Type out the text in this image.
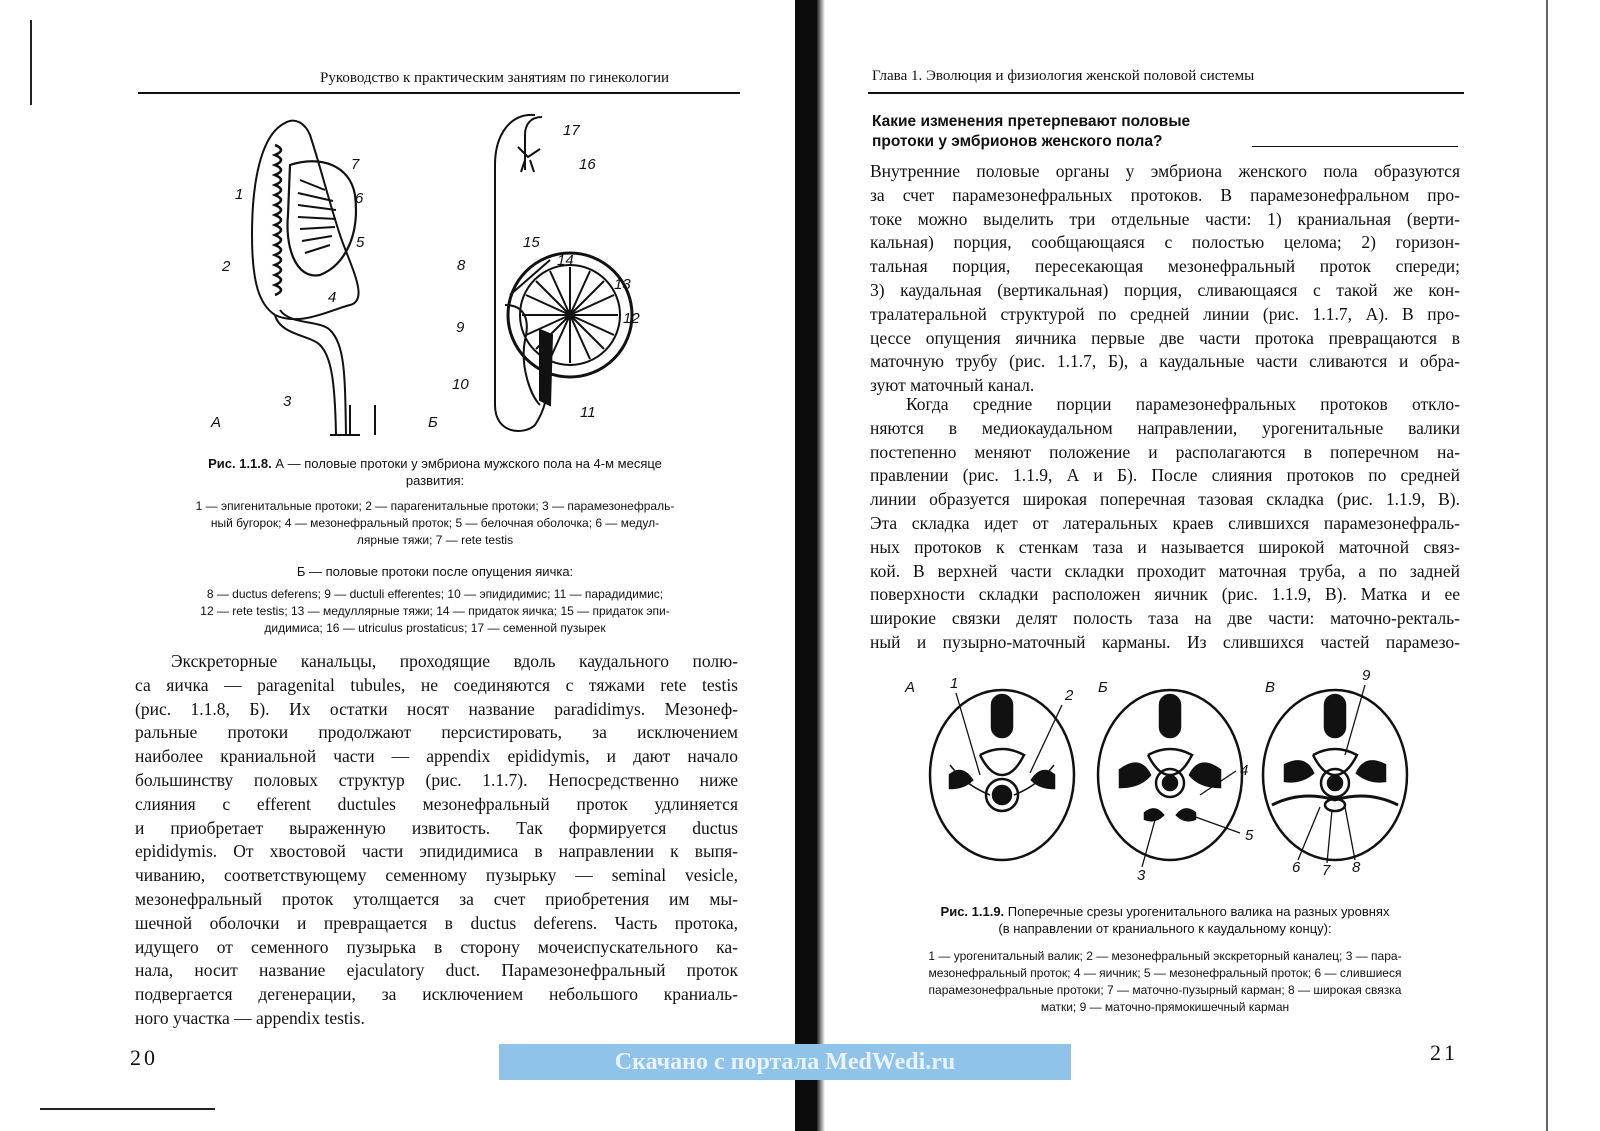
Руководство к практическим занятиям по гинекологии
7
1	6
5
2
4
3
А
17
16
15
14
8
13
12
9
10
11
Б
Рис. 1.1.8. А — половые протоки у эмбриона мужского пола на 4-м месяце
развития:
1 — эпигенитальные протоки; 2 — парагенитальные протоки; 3 — парамезонефраль-
ный бугорок; 4 — мезонефральный проток; 5 — белочная оболочка; 6 — медул-
лярные тяжи; 7 — rete testis
Б — половые протоки после опущения яичка:
8 — ductus deferens; 9 — ductuli efferentes; 10 — эпидидимис; 11 — парадидимис;
12 — rete testis; 13 — медуллярные тяжи; 14 — придаток яичка; 15 — придаток эпи-
дидимиса; 16 — utriculus prostaticus; 17 — семенной пузырек
Экскреторные канальцы, проходящие вдоль каудального полю-
са яичка — paragenital tubules, не соединяются с тяжами rete testis
(рис. 1.1.8, Б). Их остатки носят название paradidimys. Мезонеф-
ральные протоки продолжают персистировать, за исключением
наиболее краниальной части — appendix epididymis, и дают начало
большинству половых структур (рис. 1.1.7). Непосредственно ниже
слияния с efferent ductules мезонефральный проток удлиняется
и приобретает выраженную извитость. Так формируется ductus
epididymis. От хвостовой части эпидидимиса в направлении к выпя-
чиванию, соответствующему семенному пузырьку — seminal vesicle,
мезонефральный проток утолщается за счет приобретения им мы-
шечной оболочки и превращается в ductus deferens. Часть протока,
идущего от семенного пузырька в сторону мочеиспускательного ка-
нала, носит название ejaculatory duct. Парамезонефральный проток
подвергается дегенерации, за исключением небольшого краниаль-
ного участка — appendix testis.
20
Глава 1. Эволюция и физиология женской половой системы
Какие изменения претерпевают половые
протоки у эмбрионов женского пола?
Внутренние половые органы у эмбриона женского пола образуются
за счет парамезонефральных протоков. В парамезонефральном про-
токе можно выделить три отдельные части: 1) краниальная (верти-
кальная) порция, сообщающаяся с полостью целома; 2) горизон-
тальная порция, пересекающая мезонефральный проток спереди;
3) каудальная (вертикальная) порция, сливающаяся с такой же кон-
тралатеральной структурой по средней линии (рис. 1.1.7, А). В про-
цессе опущения яичника первые две части протока превращаются в
маточную трубу (рис. 1.1.7, Б), а каудальные части сливаются и обра-
зуют маточный канал.
Когда средние порции парамезонефральных протоков откло-
няются в медиокаудальном направлении, урогенитальные валики
постепенно меняют положение и располагаются в поперечном на-
правлении (рис. 1.1.9, А и Б). После слияния протоков по средней
линии образуется широкая поперечная тазовая складка (рис. 1.1.9, В).
Эта складка идет от латеральных краев слившихся парамезонефраль-
ных протоков к стенкам таза и называется широкой маточной связ-
кой. В верхней части складки проходит маточная труба, а по задней
поверхности складки расположен яичник (рис. 1.1.9, В). Матка и ее
широкие связки делят полость таза на две части: маточно-ректаль-
ный и пузырно-маточный карманы. Из слившихся частей парамезо-
А 1
2 Б	В
9
4
5
3	6 7 8
Рис. 1.1.9. Поперечные срезы урогенитального валика на разных уровнях
(в направлении от краниального к каудальному концу):
1 — урогенитальный валик; 2 — мезонефральный экскреторный каналец; 3 — пара-
мезонефральный проток; 4 — яичник; 5 — мезонефральный проток; 6 — слившиеся
парамезонефральные протоки; 7 — маточно-пузырный карман; 8 — широкая связка
матки; 9 — маточно-прямокишечный карман
21
Скачано с портала MedWedi.ru
